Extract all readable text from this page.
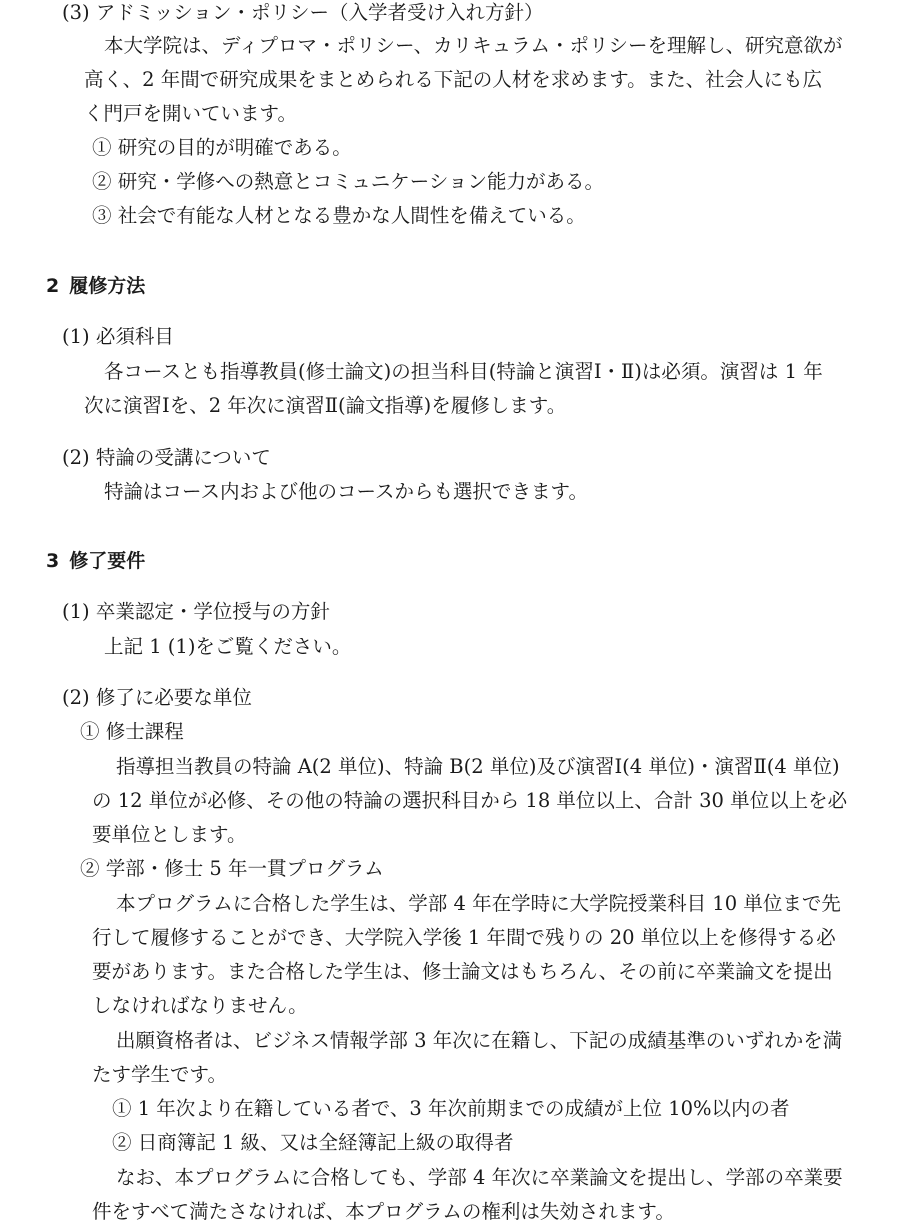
(3) アドミッション・ポリシー（入学者受け入れ方針）
本大学院は、ディプロマ・ポリシー、カリキュラム・ポリシーを理解し、研究意欲が
高く、2 年間で研究成果をまとめられる下記の人材を求めます。また、社会人にも広
く門戸を開いています。
① 研究の目的が明確である。
② 研究・学修への熱意とコミュニケーション能力がある。
③ 社会で有能な人材となる豊かな人間性を備えている。
2 履修方法
(1) 必須科目
各コースとも指導教員(修士論文)の担当科目(特論と演習Ⅰ・Ⅱ)は必須。演習は 1 年
次に演習Ⅰを、2 年次に演習Ⅱ(論文指導)を履修します。
(2) 特論の受講について
特論はコース内および他のコースからも選択できます。
3 修了要件
(1) 卒業認定・学位授与の方針
上記 1 (1)をご覧ください。
(2) 修了に必要な単位
① 修士課程
指導担当教員の特論 A(2 単位)、特論 B(2 単位)及び演習Ⅰ(4 単位)・演習Ⅱ(4 単位)
の 12 単位が必修、その他の特論の選択科目から 18 単位以上、合計 30 単位以上を必
要単位とします。
② 学部・修士 5 年一貫プログラム
本プログラムに合格した学生は、学部 4 年在学時に大学院授業科目 10 単位まで先
行して履修することができ、大学院入学後 1 年間で残りの 20 単位以上を修得する必
要があります。また合格した学生は、修士論文はもちろん、その前に卒業論文を提出
しなければなりません。
出願資格者は、ビジネス情報学部 3 年次に在籍し、下記の成績基準のいずれかを満
たす学生です。
① 1 年次より在籍している者で、3 年次前期までの成績が上位 10%以内の者
② 日商簿記 1 級、又は全経簿記上級の取得者
なお、本プログラムに合格しても、学部 4 年次に卒業論文を提出し、学部の卒業要
件をすべて満たさなければ、本プログラムの権利は失効されます。
